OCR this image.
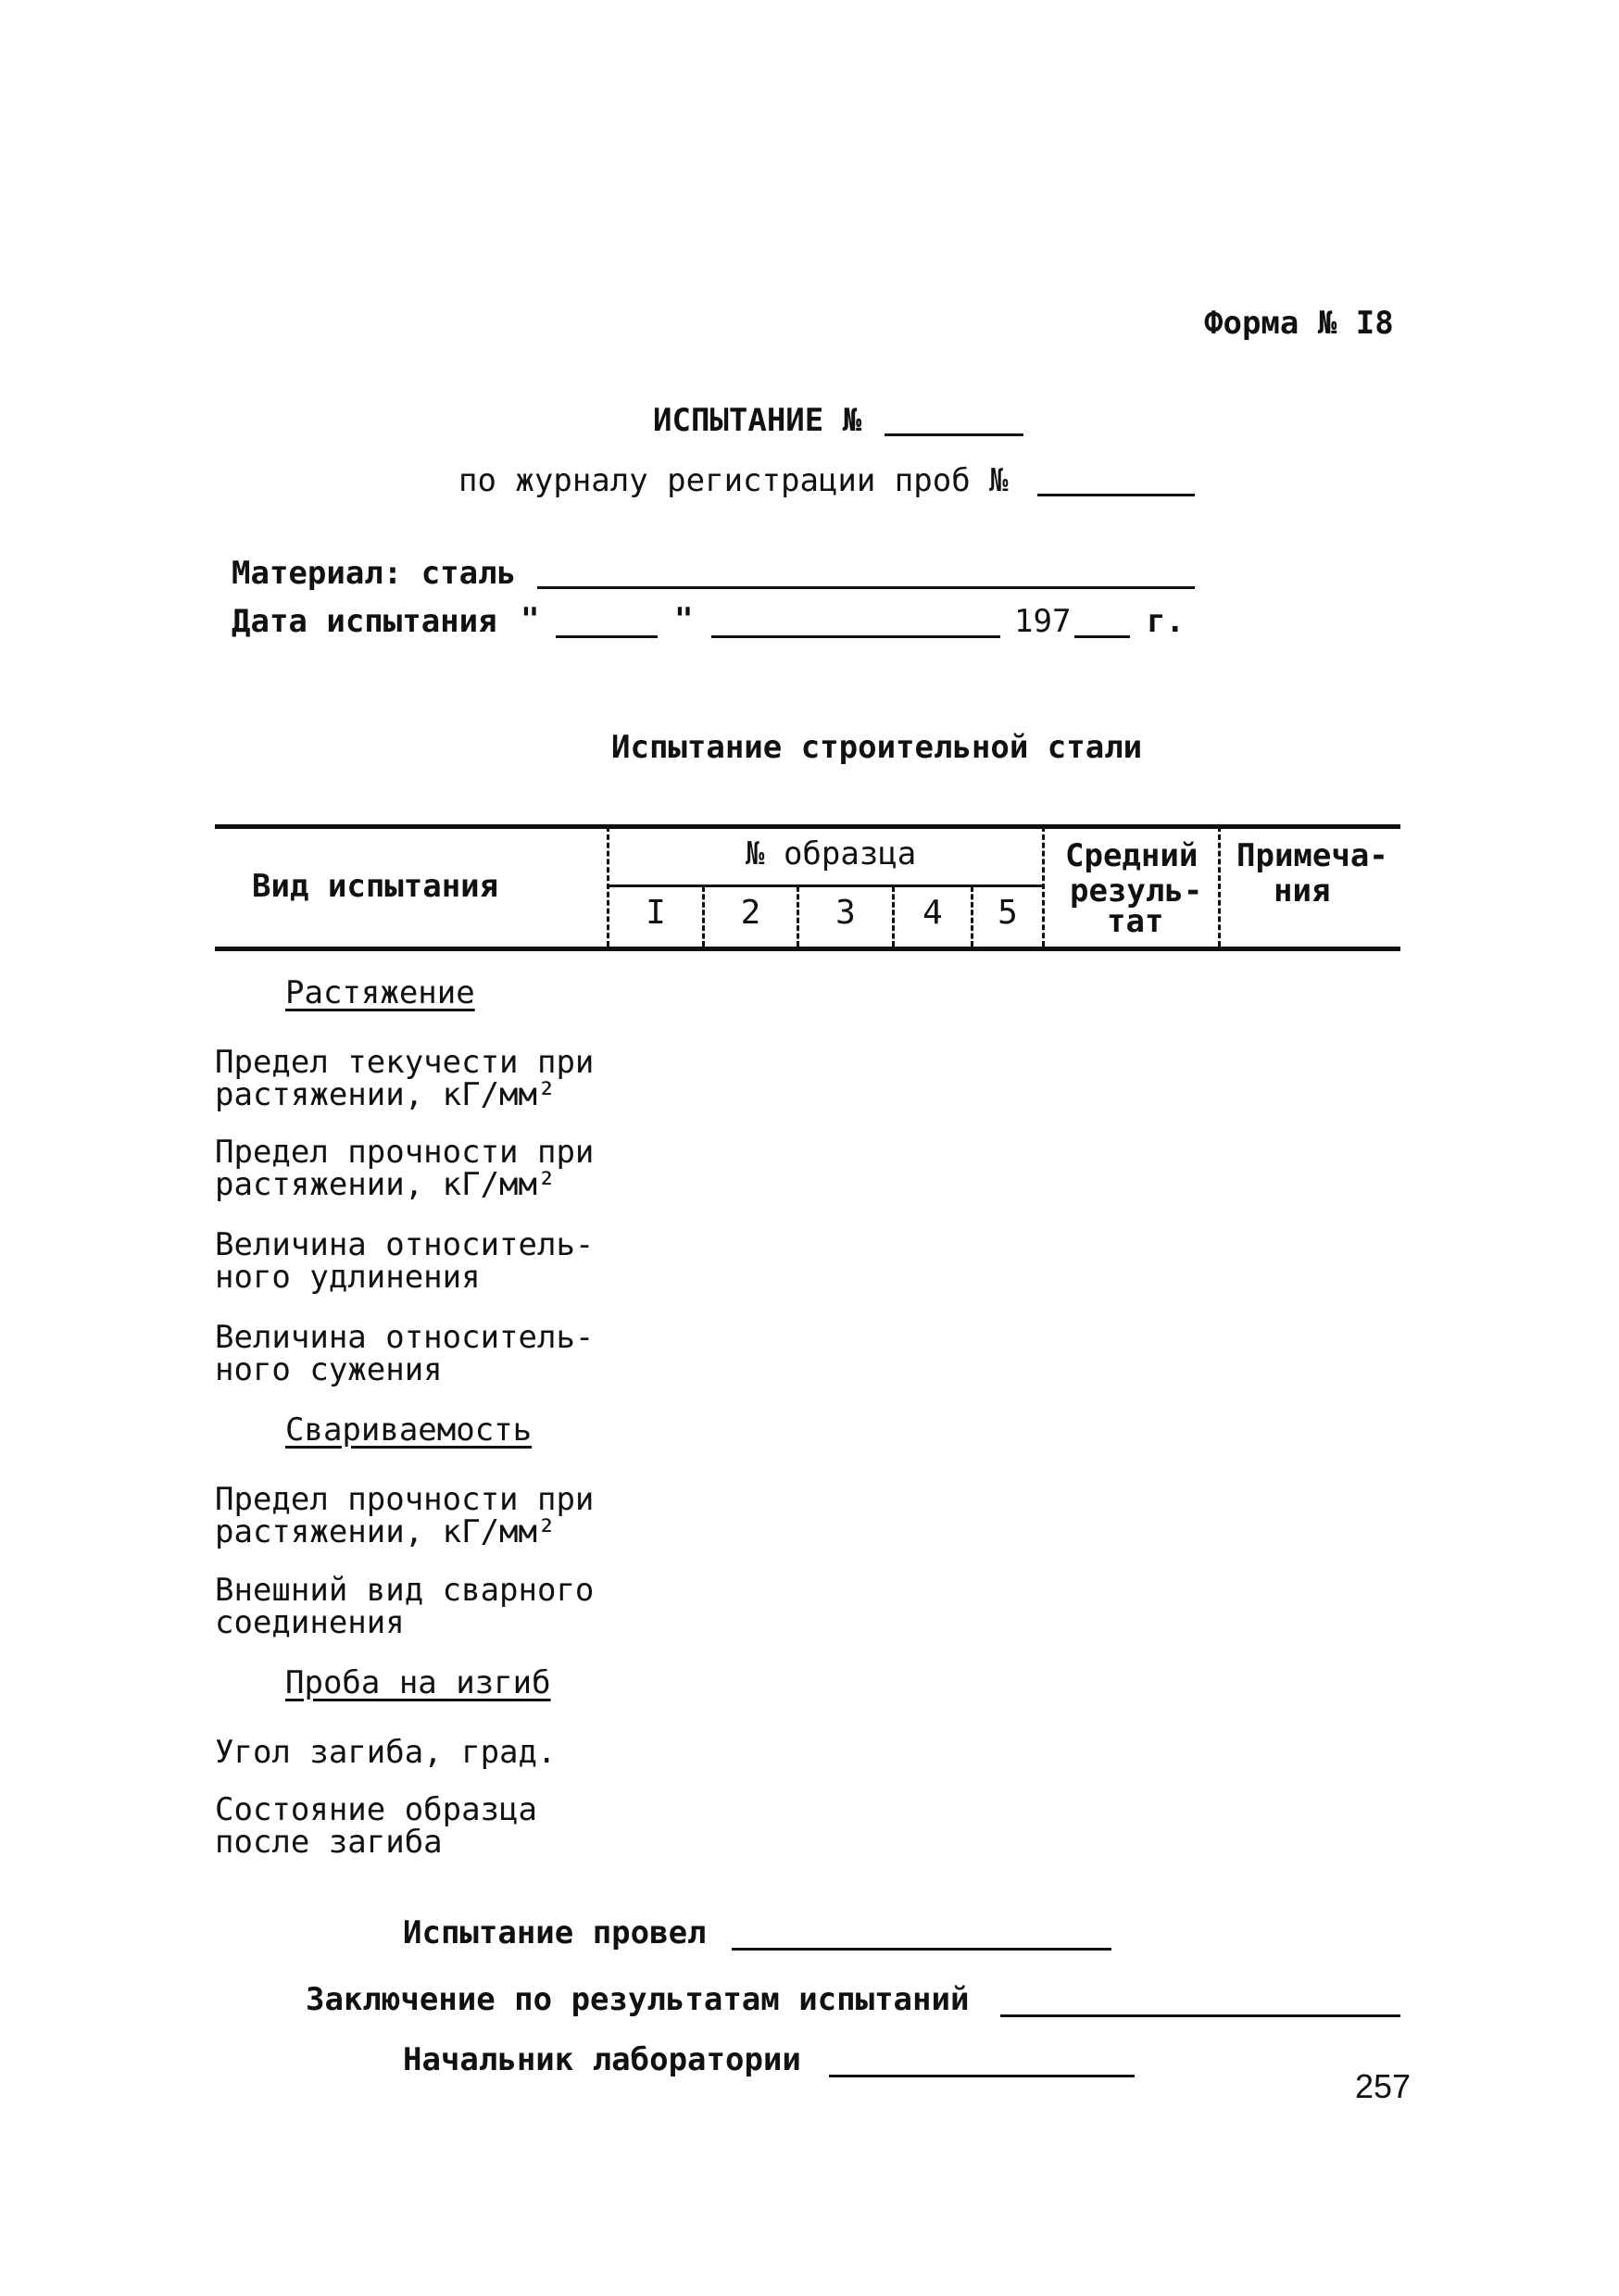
Форма № I8
ИСПЫТАНИЕ №
по журналу регистрации проб №
Материал: сталь
Дата испытания "	"	197 г.
Испытание строительной стали
Вид испытания
№ образца
I	2	3	4	5
Средний
резуль-
тат
Примеча-
ния
Растяжение
Предел текучести при
растяжении, кГ/мм²
Предел прочности при
растяжении, кГ/мм²
Величина относитель-
ного удлинения
Величина относитель-
ного сужения
Свариваемость
Предел прочности при
растяжении, кГ/мм²
Внешний вид сварного
соединения
Проба на изгиб
Угол загиба, град.
Состояние образца
после загиба
Испытание провел
Заключение по результатам испытаний
Начальник лаборатории
257
